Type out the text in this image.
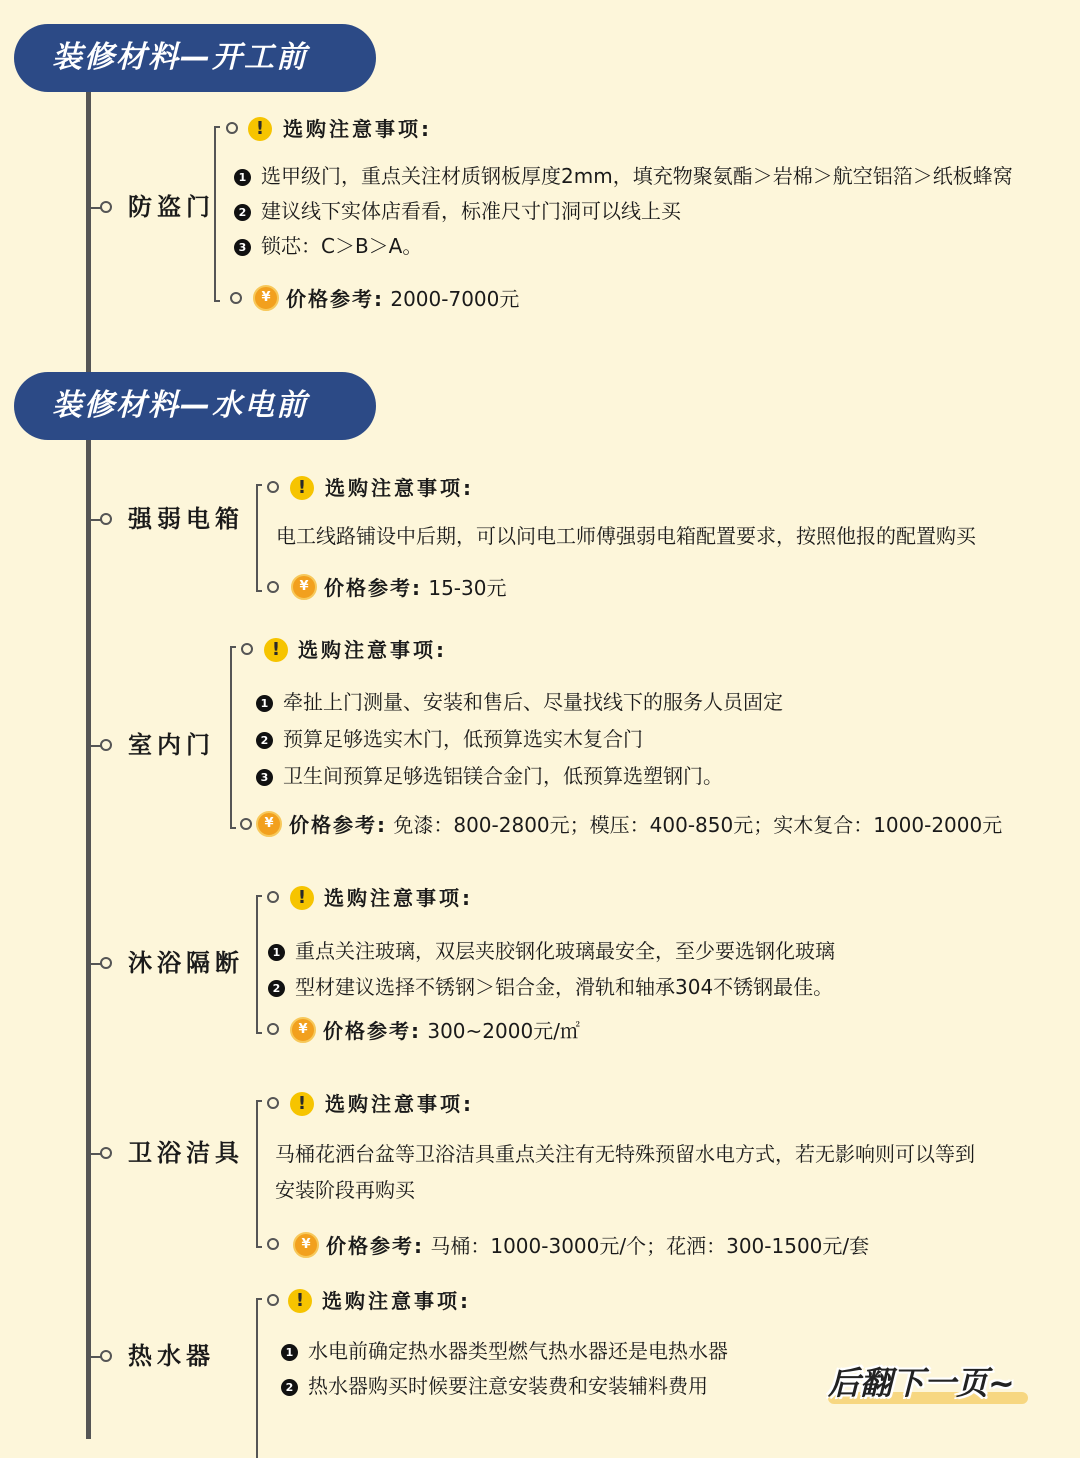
装修材料—开工前
防盗门
! 选购注意事项:
1 选甲级门，重点关注材质钢板厚度2mm，填充物聚氨酯＞岩棉＞航空铝箔＞纸板蜂窝
2 建议线下实体店看看，标准尺寸门洞可以线上买
3 锁芯：C＞B＞A。
¥ 价格参考: 2000-7000元
装修材料—水电前
强弱电箱
! 选购注意事项:
电工线路铺设中后期，可以问电工师傅强弱电箱配置要求，按照他报的配置购买
¥ 价格参考: 15-30元
室内门
! 选购注意事项:
1 牵扯上门测量、安装和售后、尽量找线下的服务人员固定
2 预算足够选实木门，低预算选实木复合门
3 卫生间预算足够选铝镁合金门，低预算选塑钢门。
¥ 价格参考: 免漆：800-2800元；模压：400-850元；实木复合：1000-2000元
沐浴隔断
! 选购注意事项:
1 重点关注玻璃，双层夹胶钢化玻璃最安全，至少要选钢化玻璃
2 型材建议选择不锈钢＞铝合金，滑轨和轴承304不锈钢最佳。
¥ 价格参考: 300~2000元/㎡
卫浴洁具
! 选购注意事项:
马桶花洒台盆等卫浴洁具重点关注有无特殊预留水电方式，若无影响则可以等到
安装阶段再购买
¥ 价格参考: 马桶：1000-3000元/个；花洒：300-1500元/套
热水器
! 选购注意事项:
1 水电前确定热水器类型燃气热水器还是电热水器
2 热水器购买时候要注意安装费和安装辅料费用	后翻下一页~
